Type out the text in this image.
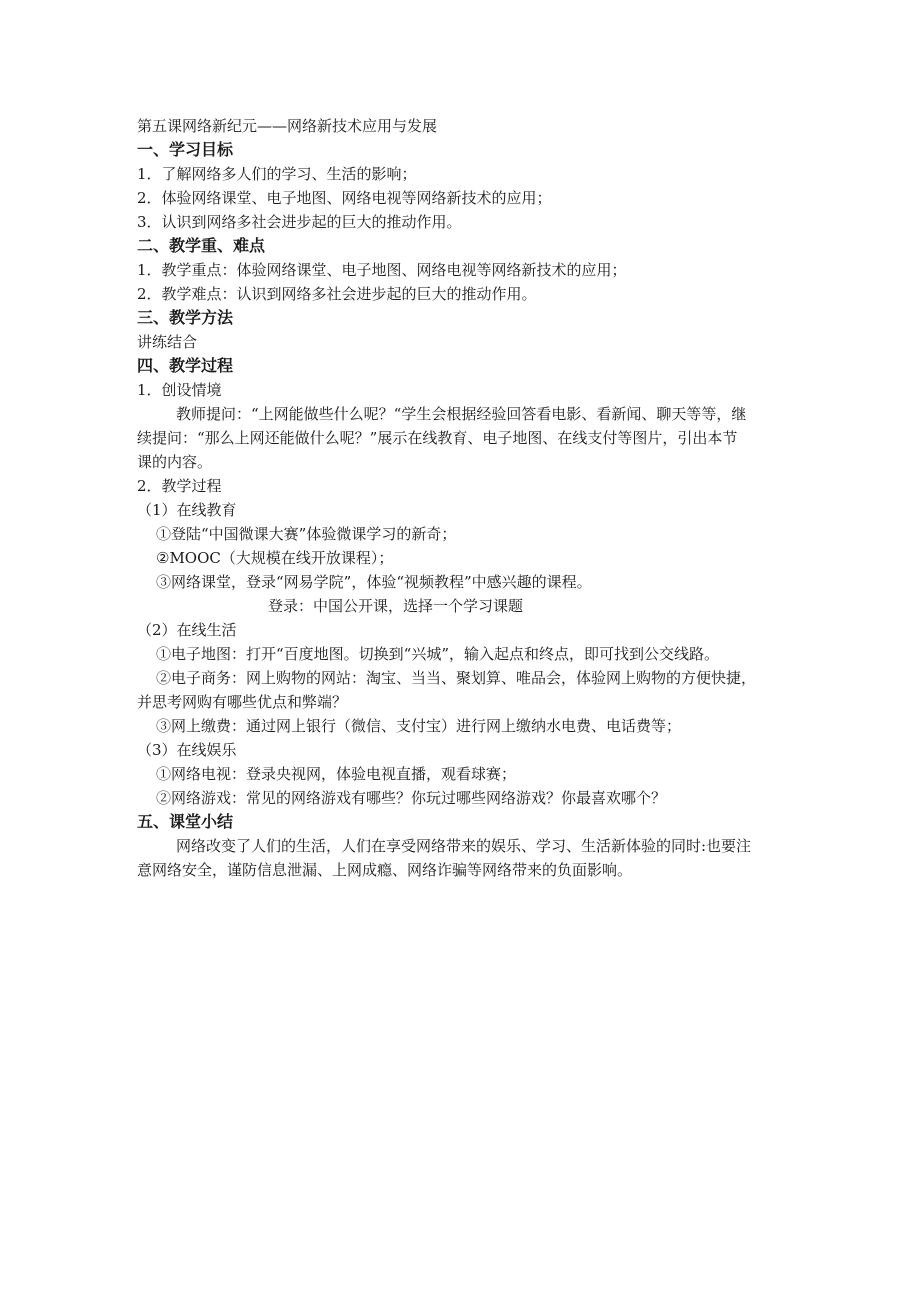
第五课网络新纪元——网络新技术应用与发展

一、学习目标

1．了解网络多人们的学习、生活的影响；

2．体验网络课堂、电子地图、网络电视等网络新技术的应用；

3．认识到网络多社会进步起的巨大的推动作用。

二、教学重、难点

1．教学重点：体验网络课堂、电子地图、网络电视等网络新技术的应用；

2．教学难点：认识到网络多社会进步起的巨大的推动作用。

三、教学方法

讲练结合

四、教学过程

1．创设情境

教师提问：“上网能做些什么呢？“学生会根据经验回答看电影、看新闻、聊天等等，继

续提问：“那么上网还能做什么呢？”展示在线教育、电子地图、在线支付等图片，引出本节

课的内容。

2．教学过程

（1）在线教育

①登陆“中国微课大赛”体验微课学习的新奇；

②MOOC（大规模在线开放课程）；

③网络课堂，登录“网易学院”，体验“视频教程”中感兴趣的课程。

登录：中国公开课，选择一个学习课题

（2）在线生活

①电子地图：打开“百度地图。切换到“兴城”，输入起点和终点，即可找到公交线路。

②电子商务：网上购物的网站：淘宝、当当、聚划算、唯品会，体验网上购物的方便快捷，

并思考网购有哪些优点和弊端？

③网上缴费：通过网上银行（微信、支付宝）进行网上缴纳水电费、电话费等；

（3）在线娱乐

①网络电视：登录央视网，体验电视直播，观看球赛；

②网络游戏：常见的网络游戏有哪些？你玩过哪些网络游戏？你最喜欢哪个？

五、课堂小结

网络改变了人们的生活，人们在享受网络带来的娱乐、学习、生活新体验的同时:也要注

意网络安全，谨防信息泄漏、上网成瘾、网络诈骗等网络带来的负面影响。
